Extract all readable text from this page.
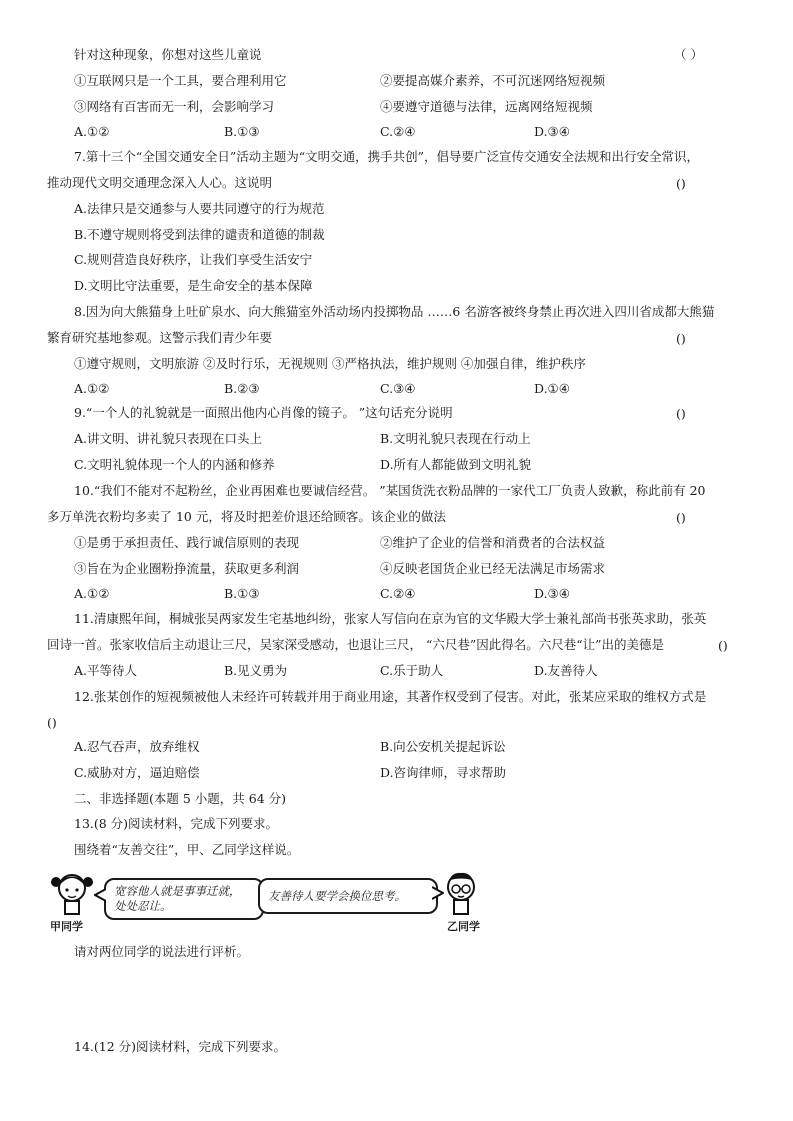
针对这种现象，你想对这些儿童说	（ ）
①互联网只是一个工具，要合理利用它	②要提高媒介素养，不可沉迷网络短视频
③网络有百害而无一利，会影响学习	④要遵守道德与法律，远离网络短视频
A.①②	B.①③	C.②④	D.③④
7.第十三个“全国交通安全日”活动主题为“文明交通，携手共创”，倡导要广泛宣传交通安全法规和出行安全常识，
推动现代文明交通理念深入人心。这说明	()
A.法律只是交通参与人要共同遵守的行为规范
B.不遵守规则将受到法律的谴责和道德的制裁
C.规则营造良好秩序，让我们享受生活安宁
D.文明比守法重要，是生命安全的基本保障
8.因为向大熊猫身上吐矿泉水、向大熊猫室外活动场内投掷物品 ……6 名游客被终身禁止再次进入四川省成都大熊猫
繁育研究基地参观。这警示我们青少年要	()
①遵守规则，文明旅游 ②及时行乐，无视规则 ③严格执法，维护规则 ④加强自律，维护秩序
A.①②	B.②③	C.③④	D.①④
9.“一个人的礼貌就是一面照出他内心肖像的镜子。 ”这句话充分说明	()
A.讲文明、讲礼貌只表现在口头上	B.文明礼貌只表现在行动上
C.文明礼貌体现一个人的内涵和修养	D.所有人都能做到文明礼貌
10.“我们不能对不起粉丝，企业再困难也要诚信经营。 ”某国货洗衣粉品牌的一家代工厂负责人致歉，称此前有 20
多万单洗衣粉均多卖了 10 元，将及时把差价退还给顾客。该企业的做法	()
①是勇于承担责任、践行诚信原则的表现	②维护了企业的信誉和消费者的合法权益
③旨在为企业圈粉挣流量，获取更多利润	④反映老国货企业已经无法满足市场需求
A.①②	B.①③	C.②④	D.③④
11.清康熙年间，桐城张吴两家发生宅基地纠纷，张家人写信向在京为官的文华殿大学士兼礼部尚书张英求助，张英
回诗一首。张家收信后主动退让三尺，吴家深受感动，也退让三尺， “六尺巷”因此得名。六尺巷“让”出的美德是	()
A.平等待人	B.见义勇为	C.乐于助人	D.友善待人
12.张某创作的短视频被他人未经许可转载并用于商业用途，其著作权受到了侵害。对此，张某应采取的维权方式是
()
A.忍气吞声，放弃维权	B.向公安机关提起诉讼
C.威胁对方，逼迫赔偿	D.咨询律师，寻求帮助
二、非选择题(本题 5 小题，共 64 分)
13.(8 分)阅读材料，完成下列要求。
围绕着“友善交往”，甲、乙同学这样说。
甲同学
宽容他人就是事事迁就，
处处忍让。
友善待人要学会换位思考。
乙同学
请对两位同学的说法进行评析。
14.(12 分)阅读材料，完成下列要求。
